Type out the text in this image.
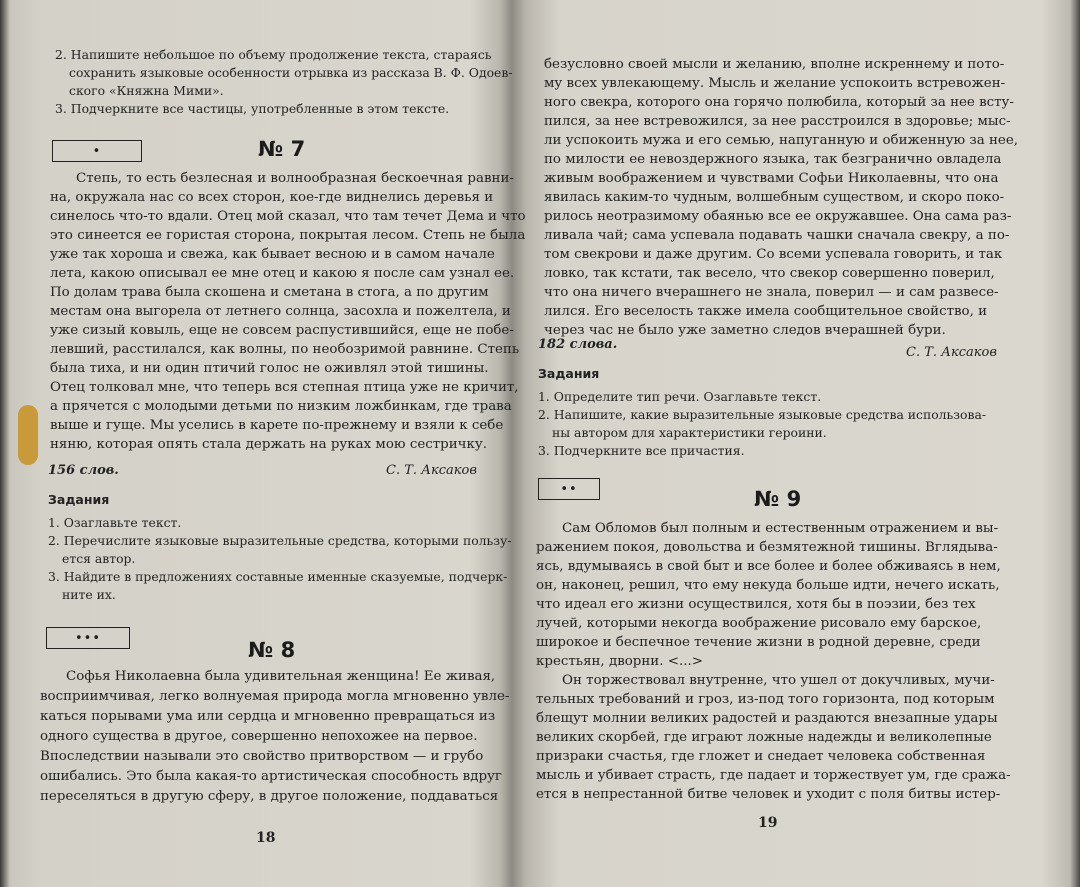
2. Напишите небольшое по объему продолжение текста, стараясь
сохранить языковые особенности отрывка из рассказа В. Ф. Одоев-
ского «Княжна Мими».
3. Подчеркните все частицы, употребленные в этом тексте.
•	№ 7
Степь, то есть безлесная и волнообразная бескоечная равни-
на, окружала нас со всех сторон, кое-где виднелись деревья и
синелось что-то вдали. Отец мой сказал, что там течет Дема и что
это синеется ее гористая сторона, покрытая лесом. Степь не была
уже так хороша и свежа, как бывает весною и в самом начале
лета, какою описывал ее мне отец и какою я после сам узнал ее.
По долам трава была скошена и сметана в стога, а по другим
местам она выгорела от летнего солнца, засохла и пожелтела, и
уже сизый ковыль, еще не совсем распустившийся, еще не побе-
левший, расстилался, как волны, по необозримой равнине. Степь
была тиха, и ни один птичий голос не оживлял этой тишины.
Отец толковал мне, что теперь вся степная птица уже не кричит,
а прячется с молодыми детьми по низким ложбинкам, где трава
выше и гуще. Мы уселись в карете по-прежнему и взяли к себе
няню, которая опять стала держать на руках мою сестричку.
156 слов.	С. Т. Аксаков
Задания
1. Озаглавьте текст.
2. Перечислите языковые выразительные средства, которыми пользу-
ется автор.
3. Найдите в предложениях составные именные сказуемые, подчерк-
ните их.
•••	№ 8
Софья Николаевна была удивительная женщина! Ее живая,
восприимчивая, легко волнуемая природа могла мгновенно увле-
каться порывами ума или сердца и мгновенно превращаться из
одного существа в другое, совершенно непохожее на первое.
Впоследствии называли это свойство притворством — и грубо
ошибались. Это была какая-то артистическая способность вдруг
переселяться в другую сферу, в другое положение, поддаваться
18
безусловно своей мысли и желанию, вполне искреннему и пото-
му всех увлекающему. Мысль и желание успокоить встревожен-
ного свекра, которого она горячо полюбила, который за нее всту-
пился, за нее встревожился, за нее расстроился в здоровье; мыс-
ли успокоить мужа и его семью, напуганную и обиженную за нее,
по милости ее невоздержного языка, так безгранично овладела
живым воображением и чувствами Софьи Николаевны, что она
явилась каким-то чудным, волшебным существом, и скоро поко-
рилось неотразимому обаянью все ее окружавшее. Она сама раз-
ливала чай; сама успевала подавать чашки сначала свекру, а по-
том свекрови и даже другим. Со всеми успевала говорить, и так
ловко, так кстати, так весело, что свекор совершенно поверил,
что она ничего вчерашнего не знала, поверил — и сам развесе-
лился. Его веселость также имела сообщительное свойство, и
через час не было уже заметно следов вчерашней бури.
182 слова.
С. Т. Аксаков
Задания
1. Определите тип речи. Озаглавьте текст.
2. Напишите, какие выразительные языковые средства использова-
ны автором для характеристики героини.
3. Подчеркните все причастия.
••	№ 9
Сам Обломов был полным и естественным отражением и вы-
ражением покоя, довольства и безмятежной тишины. Вглядыва-
ясь, вдумываясь в свой быт и все более и более обживаясь в нем,
он, наконец, решил, что ему некуда больше идти, нечего искать,
что идеал его жизни осуществился, хотя бы в поэзии, без тех
лучей, которыми некогда воображение рисовало ему барское,
широкое и беспечное течение жизни в родной деревне, среди
крестьян, дворни. <...>
Он торжествовал внутренне, что ушел от докучливых, мучи-
тельных требований и гроз, из-под того горизонта, под которым
блещут молнии великих радостей и раздаются внезапные удары
великих скорбей, где играют ложные надежды и великолепные
призраки счастья, где гложет и снедает человека собственная
мысль и убивает страсть, где падает и торжествует ум, где сража-
ется в непрестанной битве человек и уходит с поля битвы истер-
19
